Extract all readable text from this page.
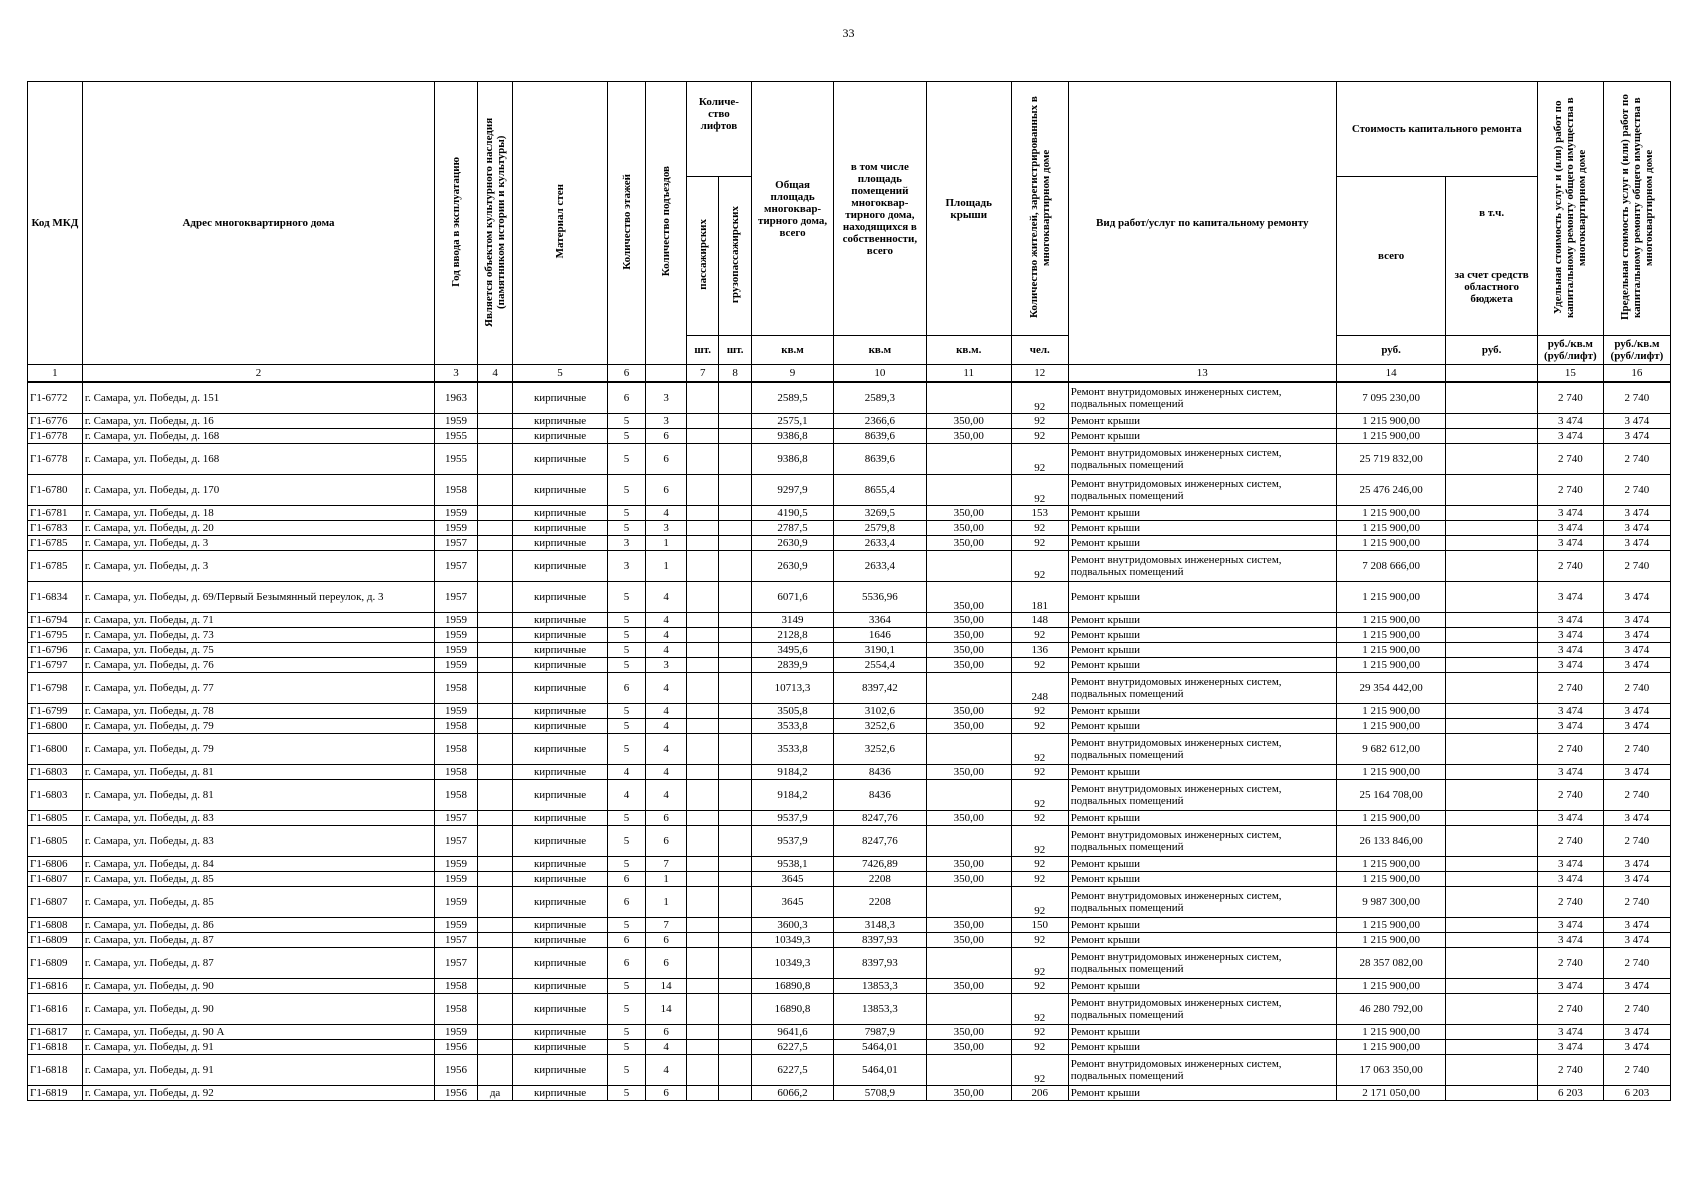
33
Код МКД	Адрес многоквартирного дома	Год ввода в эксплуатацию	Является объектом культурного наследия (памятником истории и культуры)	Материал стен	Количество этажей	Количество подъездов	Количе-ство лифтов		Общая площадь многоквар-тирного дома, всего	в том числе площадь помещений многоквар-тирного дома, находящихся в собственности, всего	Площадь крыши	Количество жителей, зарегистрированных в многоквартирном доме	Вид работ/услуг по капитальному ремонту	Стоимость капитального ремонта		Удельная стоимость услуг и (или) работ по капитальному ремонту общего имущества в многоквартирном доме	Предельная стоимость услуг и (или) работ по капитальному ремонту общего имущества в многоквартирном доме
							пассажирских	грузопассажирских						всего	в т.ч.
за счет средств областного бюджета		

							шт.	шт.	кв.м	кв.м	кв.м.	чел.		руб.	руб.	руб./кв.м (руб/лифт)	руб./кв.м (руб/лифт)
1	2	3	4	5	6		7	8	9	10	11	12	13	14		15	16
Г1-6772	г. Самара, ул. Победы, д. 151	1963		кирпичные	6	3			2589,5	2589,3		92	Ремонт внутридомовых инженерных систем, подвальных помещений	7 095 230,00		2 740	2 740
Г1-6776	г. Самара, ул. Победы, д. 16	1959		кирпичные	5	3			2575,1	2366,6	350,00	92	Ремонт крыши	1 215 900,00		3 474	3 474
Г1-6778	г. Самара, ул. Победы, д. 168	1955		кирпичные	5	6			9386,8	8639,6	350,00	92	Ремонт крыши	1 215 900,00		3 474	3 474
Г1-6778	г. Самара, ул. Победы, д. 168	1955		кирпичные	5	6			9386,8	8639,6		92	Ремонт внутридомовых инженерных систем, подвальных помещений	25 719 832,00		2 740	2 740
Г1-6780	г. Самара, ул. Победы, д. 170	1958		кирпичные	5	6			9297,9	8655,4		92	Ремонт внутридомовых инженерных систем, подвальных помещений	25 476 246,00		2 740	2 740
Г1-6781	г. Самара, ул. Победы, д. 18	1959		кирпичные	5	4			4190,5	3269,5	350,00	153	Ремонт крыши	1 215 900,00		3 474	3 474
Г1-6783	г. Самара, ул. Победы, д. 20	1959		кирпичные	5	3			2787,5	2579,8	350,00	92	Ремонт крыши	1 215 900,00		3 474	3 474
Г1-6785	г. Самара, ул. Победы, д. 3	1957		кирпичные	3	1			2630,9	2633,4	350,00	92	Ремонт крыши	1 215 900,00		3 474	3 474
Г1-6785	г. Самара, ул. Победы, д. 3	1957		кирпичные	3	1			2630,9	2633,4		92	Ремонт внутридомовых инженерных систем, подвальных помещений	7 208 666,00		2 740	2 740
Г1-6834	г. Самара, ул. Победы, д. 69/Первый Безымянный переулок, д. 3	1957		кирпичные	5	4			6071,6	5536,96	350,00	181	Ремонт крыши	1 215 900,00		3 474	3 474
Г1-6794	г. Самара, ул. Победы, д. 71	1959		кирпичные	5	4			3149	3364	350,00	148	Ремонт крыши	1 215 900,00		3 474	3 474
Г1-6795	г. Самара, ул. Победы, д. 73	1959		кирпичные	5	4			2128,8	1646	350,00	92	Ремонт крыши	1 215 900,00		3 474	3 474
Г1-6796	г. Самара, ул. Победы, д. 75	1959		кирпичные	5	4			3495,6	3190,1	350,00	136	Ремонт крыши	1 215 900,00		3 474	3 474
Г1-6797	г. Самара, ул. Победы, д. 76	1959		кирпичные	5	3			2839,9	2554,4	350,00	92	Ремонт крыши	1 215 900,00		3 474	3 474
Г1-6798	г. Самара, ул. Победы, д. 77	1958		кирпичные	6	4			10713,3	8397,42		248	Ремонт внутридомовых инженерных систем, подвальных помещений	29 354 442,00		2 740	2 740
Г1-6799	г. Самара, ул. Победы, д. 78	1959		кирпичные	5	4			3505,8	3102,6	350,00	92	Ремонт крыши	1 215 900,00		3 474	3 474
Г1-6800	г. Самара, ул. Победы, д. 79	1958		кирпичные	5	4			3533,8	3252,6	350,00	92	Ремонт крыши	1 215 900,00		3 474	3 474
Г1-6800	г. Самара, ул. Победы, д. 79	1958		кирпичные	5	4			3533,8	3252,6		92	Ремонт внутридомовых инженерных систем, подвальных помещений	9 682 612,00		2 740	2 740
Г1-6803	г. Самара, ул. Победы, д. 81	1958		кирпичные	4	4			9184,2	8436	350,00	92	Ремонт крыши	1 215 900,00		3 474	3 474
Г1-6803	г. Самара, ул. Победы, д. 81	1958		кирпичные	4	4			9184,2	8436		92	Ремонт внутридомовых инженерных систем, подвальных помещений	25 164 708,00		2 740	2 740
Г1-6805	г. Самара, ул. Победы, д. 83	1957		кирпичные	5	6			9537,9	8247,76	350,00	92	Ремонт крыши	1 215 900,00		3 474	3 474
Г1-6805	г. Самара, ул. Победы, д. 83	1957		кирпичные	5	6			9537,9	8247,76		92	Ремонт внутридомовых инженерных систем, подвальных помещений	26 133 846,00		2 740	2 740
Г1-6806	г. Самара, ул. Победы, д. 84	1959		кирпичные	5	7			9538,1	7426,89	350,00	92	Ремонт крыши	1 215 900,00		3 474	3 474
Г1-6807	г. Самара, ул. Победы, д. 85	1959		кирпичные	6	1			3645	2208	350,00	92	Ремонт крыши	1 215 900,00		3 474	3 474
Г1-6807	г. Самара, ул. Победы, д. 85	1959		кирпичные	6	1			3645	2208		92	Ремонт внутридомовых инженерных систем, подвальных помещений	9 987 300,00		2 740	2 740
Г1-6808	г. Самара, ул. Победы, д. 86	1959		кирпичные	5	7			3600,3	3148,3	350,00	150	Ремонт крыши	1 215 900,00		3 474	3 474
Г1-6809	г. Самара, ул. Победы, д. 87	1957		кирпичные	6	6			10349,3	8397,93	350,00	92	Ремонт крыши	1 215 900,00		3 474	3 474
Г1-6809	г. Самара, ул. Победы, д. 87	1957		кирпичные	6	6			10349,3	8397,93		92	Ремонт внутридомовых инженерных систем, подвальных помещений	28 357 082,00		2 740	2 740
Г1-6816	г. Самара, ул. Победы, д. 90	1958		кирпичные	5	14			16890,8	13853,3	350,00	92	Ремонт крыши	1 215 900,00		3 474	3 474
Г1-6816	г. Самара, ул. Победы, д. 90	1958		кирпичные	5	14			16890,8	13853,3		92	Ремонт внутридомовых инженерных систем, подвальных помещений	46 280 792,00		2 740	2 740
Г1-6817	г. Самара, ул. Победы, д. 90 А	1959		кирпичные	5	6			9641,6	7987,9	350,00	92	Ремонт крыши	1 215 900,00		3 474	3 474
Г1-6818	г. Самара, ул. Победы, д. 91	1956		кирпичные	5	4			6227,5	5464,01	350,00	92	Ремонт крыши	1 215 900,00		3 474	3 474
Г1-6818	г. Самара, ул. Победы, д. 91	1956		кирпичные	5	4			6227,5	5464,01		92	Ремонт внутридомовых инженерных систем, подвальных помещений	17 063 350,00		2 740	2 740
Г1-6819	г. Самара, ул. Победы, д. 92	1956	да	кирпичные	5	6			6066,2	5708,9	350,00	206	Ремонт крыши	2 171 050,00		6 203	6 203
